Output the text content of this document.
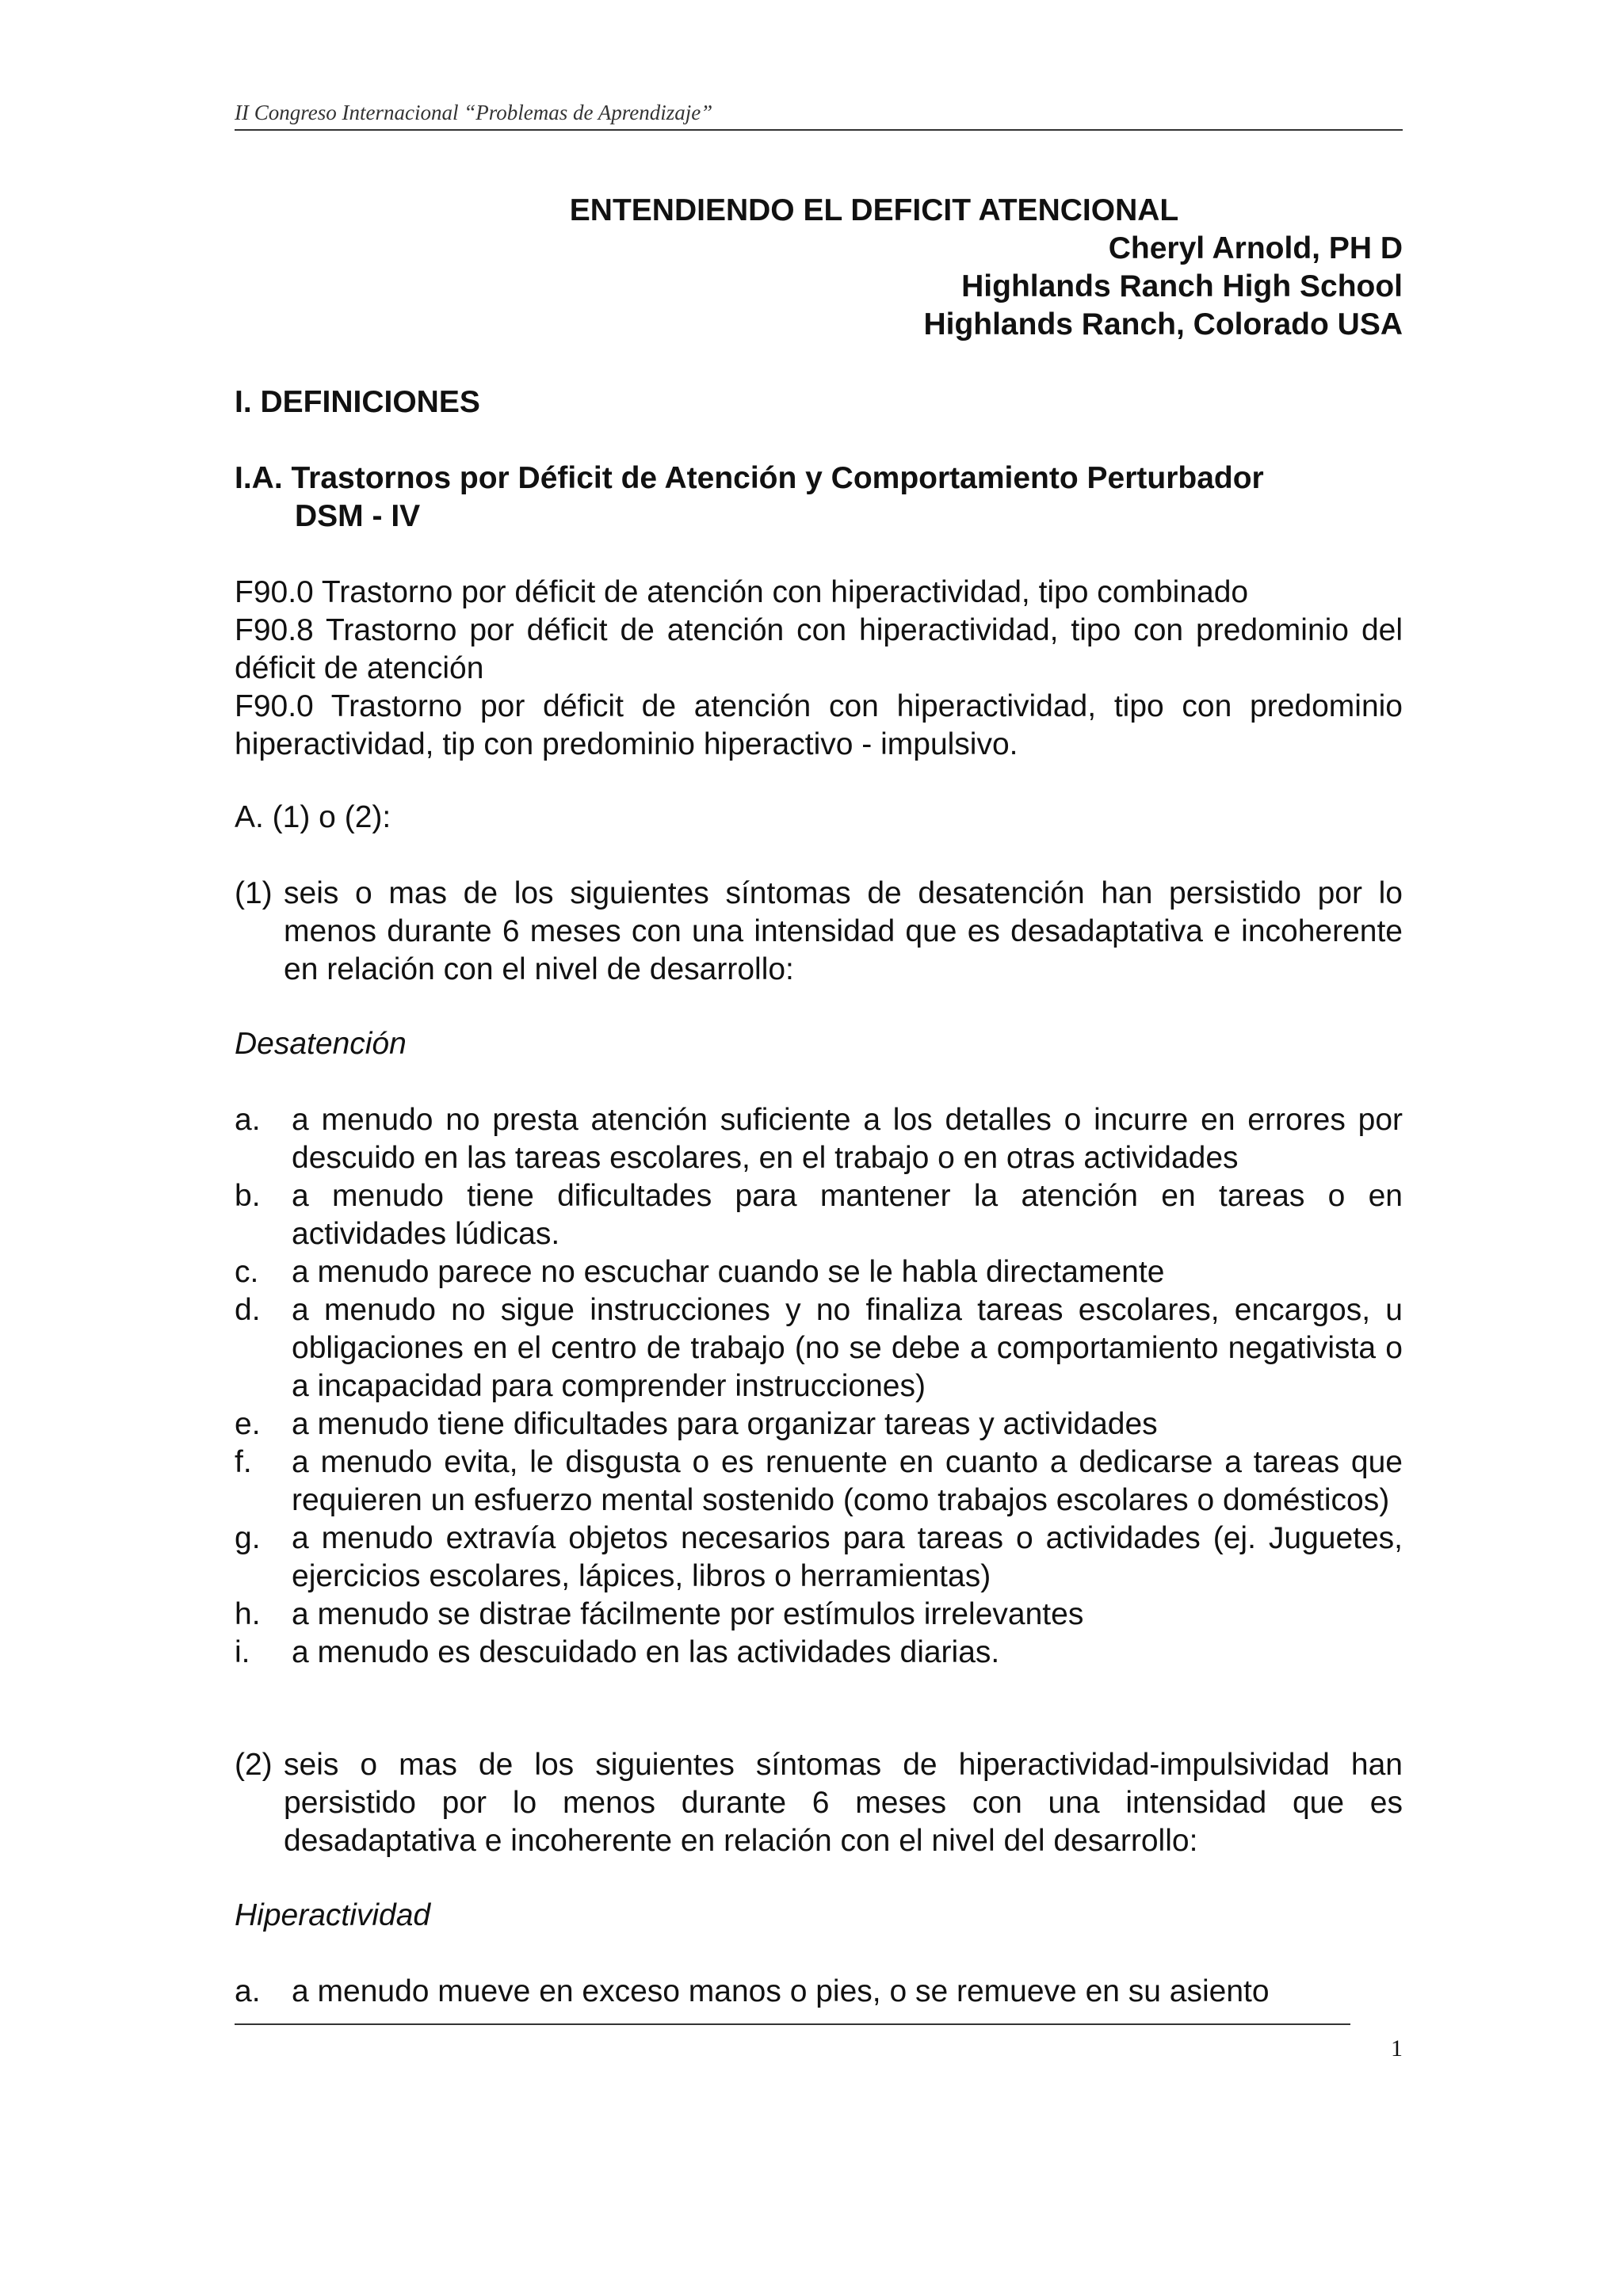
II Congreso Internacional “Problemas de Aprendizaje”
ENTENDIENDO EL DEFICIT ATENCIONAL
Cheryl Arnold, PH D
Highlands Ranch High School
Highlands Ranch, Colorado USA
I. DEFINICIONES
I.A. Trastornos por Déficit de Atención y Comportamiento Perturbador
DSM - IV
F90.0 Trastorno por déficit de atención con hiperactividad, tipo combinado
F90.8 Trastorno por déficit de atención con hiperactividad, tipo con predominio del déficit de atención
F90.0 Trastorno por déficit de atención con hiperactividad, tipo con predominio hiperactividad, tip con predominio hiperactivo - impulsivo.
A. (1) o (2):
(1) seis o mas de los siguientes síntomas de desatención han persistido por lo menos durante 6 meses con una intensidad que es desadaptativa e incoherente en relación con el nivel de desarrollo:
Desatención
a. a menudo no presta atención suficiente a los detalles o incurre en errores por descuido en las tareas escolares, en el trabajo o en otras actividades
b. a menudo tiene dificultades para mantener la atención en tareas o en actividades lúdicas.
c. a menudo parece no escuchar cuando se le habla directamente
d. a menudo no sigue instrucciones y no finaliza tareas escolares, encargos, u obligaciones en el centro de trabajo (no se debe a comportamiento negativista o a incapacidad para comprender instrucciones)
e. a menudo tiene dificultades para organizar tareas y actividades
f. a menudo evita, le disgusta o es renuente en cuanto a dedicarse a tareas que requieren un esfuerzo mental sostenido (como trabajos escolares o domésticos)
g. a menudo extravía objetos necesarios para tareas o actividades (ej. Juguetes, ejercicios escolares, lápices, libros o herramientas)
h. a menudo se distrae fácilmente por estímulos irrelevantes
i. a menudo es descuidado en las actividades diarias.
(2) seis o mas de los siguientes síntomas de hiperactividad-impulsividad han persistido por lo menos durante 6 meses con una intensidad que es desadaptativa e incoherente en relación con el nivel del desarrollo:
Hiperactividad
a. a menudo mueve en exceso manos o pies, o se remueve en su asiento
1
